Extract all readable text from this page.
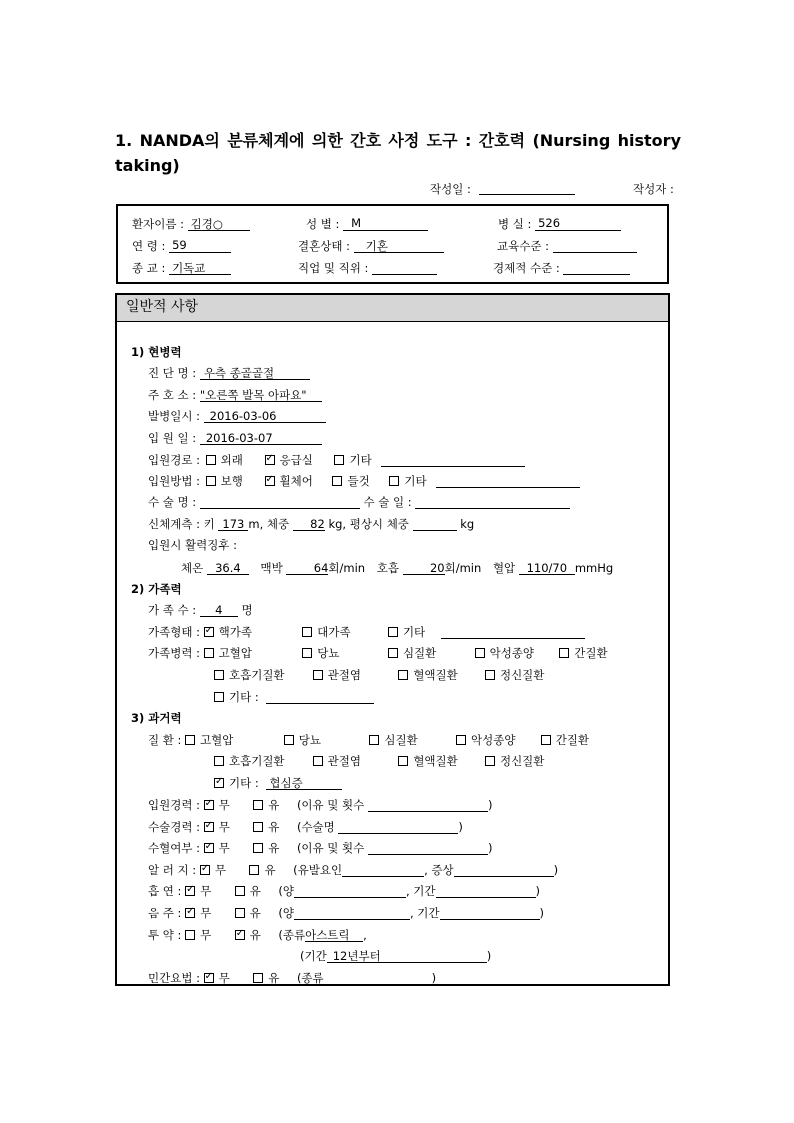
1. NANDA의 분류체계에 의한 간호 사정 도구 : 간호력 (Nursing history
taking)
작성일 :	작성자 :
환자이름 : 김경○	성 별 : M	병 실 : 526
연 령 : 59	결혼상태 : 기혼	교육수준 :
종 교 : 기독교	직업 및 직위 :	경제적 수준 :
일반적 사항
1) 현병력
진 단 명 : 우측 종골골절
주 호 소 : "오른쪽 발목 아파요"
발병일시 : 2016-03-06
입 원 일 : 2016-03-07
입원경로 : 외래 ✓	응급실	기타
입원방법 : 보행 ✓	휠체어	들것	기타
수 술 명 :	수 술 일 :
신체계측 : 키 173 m, 체중 82 kg, 평상시 체중	kg
입원시 활력징후 :
체온 36.4 맥박	64회/min 호흡	20회/min 혈압 110/70 mmHg
2) 가족력
가 족 수 : 4 명
가족형태 : ✓ 핵가족	대가족	기타
가족병력 : 고혈압	당뇨	심질환	악성종양	간질환
호흡기질환	관절염	혈액질환	정신질환
기타 :
3) 과거력
질 환 : 고혈압	당뇨	심질환	악성종양	간질환
호흡기질환	관절염	혈액질환	정신질환
✓기타 : 협심증
입원경력 : ✓ 무	유 (이유 및 횟수	)
수술경력 : ✓ 무	유 (수술명	)
수혈여부 : ✓ 무	유 (이유 및 횟수	)
알 러 지 : ✓ 무	유 (유발요인	, 증상	)
흡 연 : ✓ 무	유 (양	, 기간	)
음 주 : ✓ 무	유 (양	, 기간	)
투 약 : 무 ✓	유 (종류아스트릭 ,
(기간 12년부터	)
민간요법 : ✓ 무	유 (종류	)
